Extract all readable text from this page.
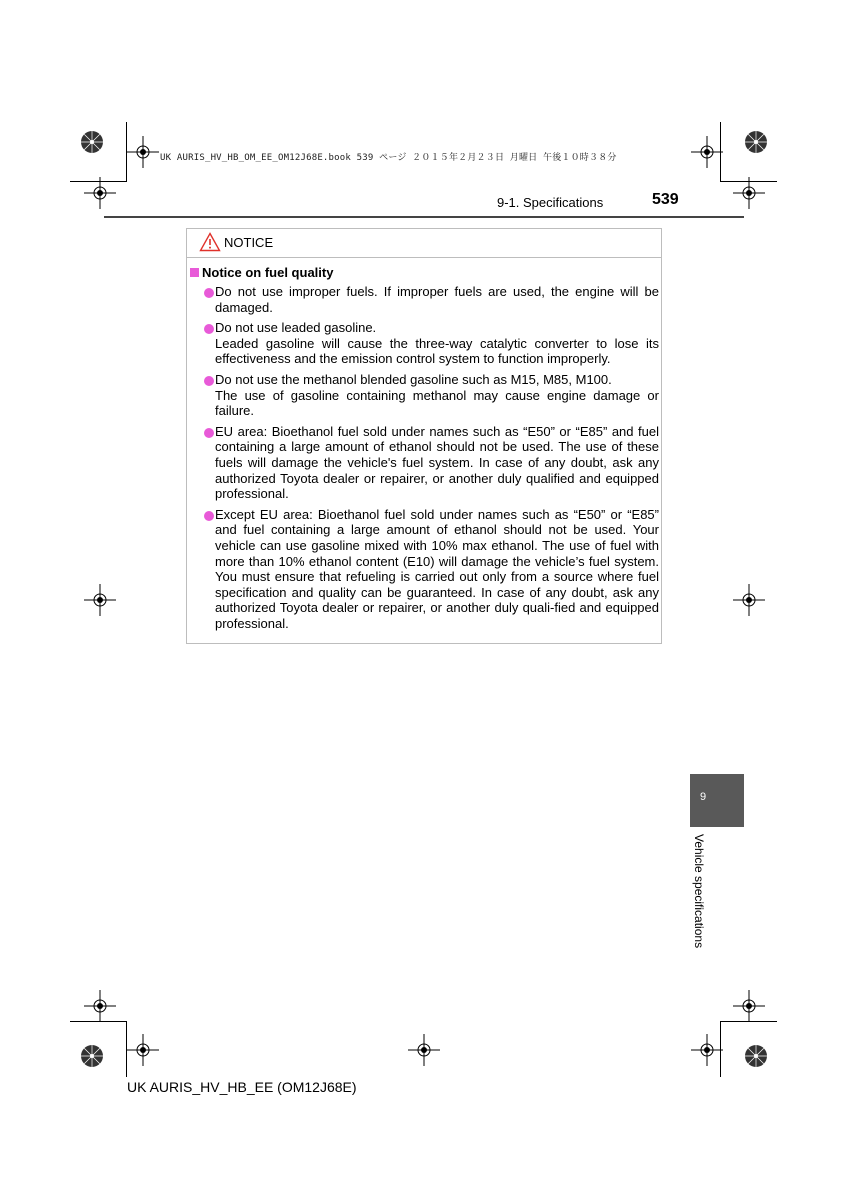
UK AURIS_HV_HB_OM_EE_OM12J68E.book 539 ページ ２０１５年２月２３日 月曜日 午後１０時３８分
9-1. Specifications	539
NOTICE
Notice on fuel quality

Do not use improper fuels. If improper fuels are used, the engine will be damaged.

Do not use leaded gasoline.
Leaded gasoline will cause the three-way catalytic converter to lose its effectiveness and the emission control system to function improperly.

Do not use the methanol blended gasoline such as M15, M85, M100.
The use of gasoline containing methanol may cause engine damage or failure.

EU area: Bioethanol fuel sold under names such as “E50” or “E85” and fuel containing a large amount of ethanol should not be used. The use of these fuels will damage the vehicle's fuel system. In case of any doubt, ask any authorized Toyota dealer or repairer, or another duly qualified and equipped professional.

Except EU area: Bioethanol fuel sold under names such as “E50” or “E85” and fuel containing a large amount of ethanol should not be used. Your vehicle can use gasoline mixed with 10% max ethanol. The use of fuel with more than 10% ethanol content (E10) will damage the vehicle’s fuel system. You must ensure that refueling is carried out only from a source where fuel specification and quality can be guaranteed. In case of any doubt, ask any authorized Toyota dealer or repairer, or another duly quali-fied and equipped professional.

9
Vehicle specifications
UK AURIS_HV_HB_EE (OM12J68E)
